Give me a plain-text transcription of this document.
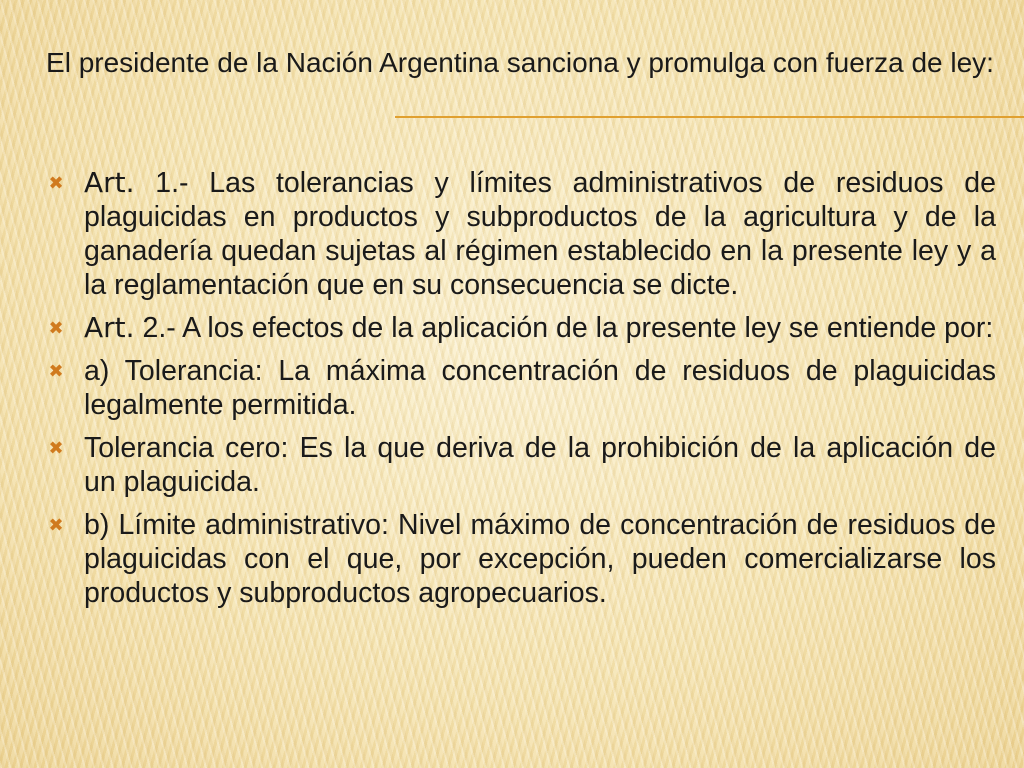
El presidente de la Nación Argentina sanciona y promulga con fuerza de ley:
✖ Art. 1.- Las tolerancias y límites administrativos de residuos de plaguicidas en productos y subproductos de la agricultura y de la ganadería quedan sujetas al régimen establecido en la presente ley y a la reglamentación que en su consecuencia se dicte.
✖ Art. 2.- A los efectos de la aplicación de la presente ley se entiende por:
✖ a) Tolerancia: La máxima concentración de residuos de plaguicidas legalmente permitida.
✖ Tolerancia cero: Es la que deriva de la prohibición de la aplicación de un plaguicida.
✖ b) Límite administrativo: Nivel máximo de concentración de residuos de plaguicidas con el que, por excepción, pueden comercializarse los productos y subproductos agropecuarios.
